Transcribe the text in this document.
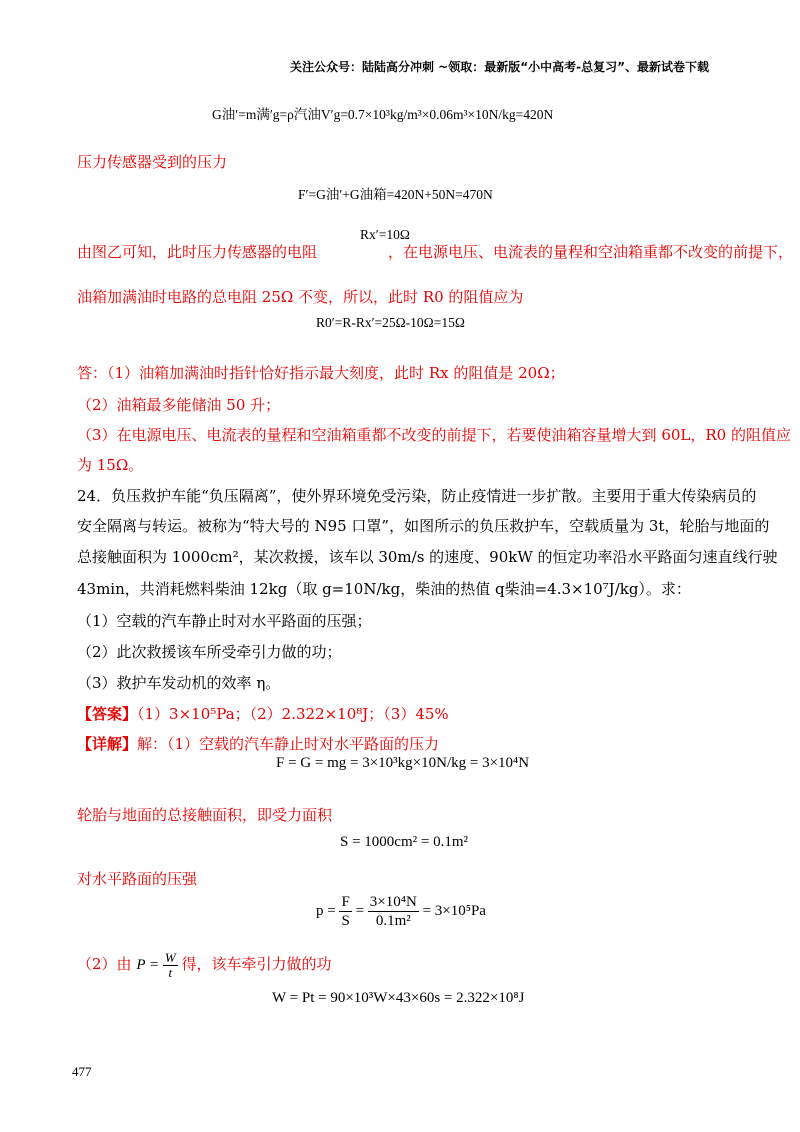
关注公众号：陆陆高分冲刺 ~领取：最新版“小中高考-总复习”、最新试卷下载
G油′=m满′g=ρ汽油V′g=0.7×10³kg/m³×0.06m³×10N/kg=420N
压力传感器受到的压力
F′=G油′+G油箱=420N+50N=470N
Rx′=10Ω
由图乙可知，此时压力传感器的电阻	，在电源电压、电流表的量程和空油箱重都不改变的前提下，
油箱加满油时电路的总电阻 25Ω 不变，所以，此时 R0 的阻值应为
R0′=R-Rx′=25Ω-10Ω=15Ω
答：（1）油箱加满油时指针恰好指示最大刻度，此时 Rx 的阻值是 20Ω；
（2）油箱最多能储油 50 升；
（3）在电源电压、电流表的量程和空油箱重都不改变的前提下，若要使油箱容量增大到 60L，R0 的阻值应
为 15Ω。
24．负压救护车能“负压隔离”，使外界环境免受污染，防止疫情进一步扩散。主要用于重大传染病员的
安全隔离与转运。被称为“特大号的 N95 口罩”，如图所示的负压救护车，空载质量为 3t，轮胎与地面的
总接触面积为 1000cm²，某次救援，该车以 30m/s 的速度、90kW 的恒定功率沿水平路面匀速直线行驶
43min，共消耗燃料柴油 12kg（取 g=10N/kg，柴油的热值 q柴油=4.3×10⁷J/kg）。求：
（1）空载的汽车静止时对水平路面的压强；
（2）此次救援该车所受牵引力做的功；
（3）救护车发动机的效率 η。
【答案】（1）3×10⁵Pa；（2）2.322×10⁸J；（3）45%
【详解】解：（1）空载的汽车静止时对水平路面的压力
F = G = mg = 3×10³kg×10N/kg = 3×10⁴N
轮胎与地面的总接触面积，即受力面积
S = 1000cm² = 0.1m²
对水平路面的压强
$p = \frac{F}{S} = \frac{\text{3×10⁴N}}{\text{0.1m²}} = 3\times 10^5Pa$
（2）由 $P = \frac{W}{t}$ 得，该车牵引力做的功
W = Pt = 90×10³W×43×60s = 2.322×10⁸J
477
